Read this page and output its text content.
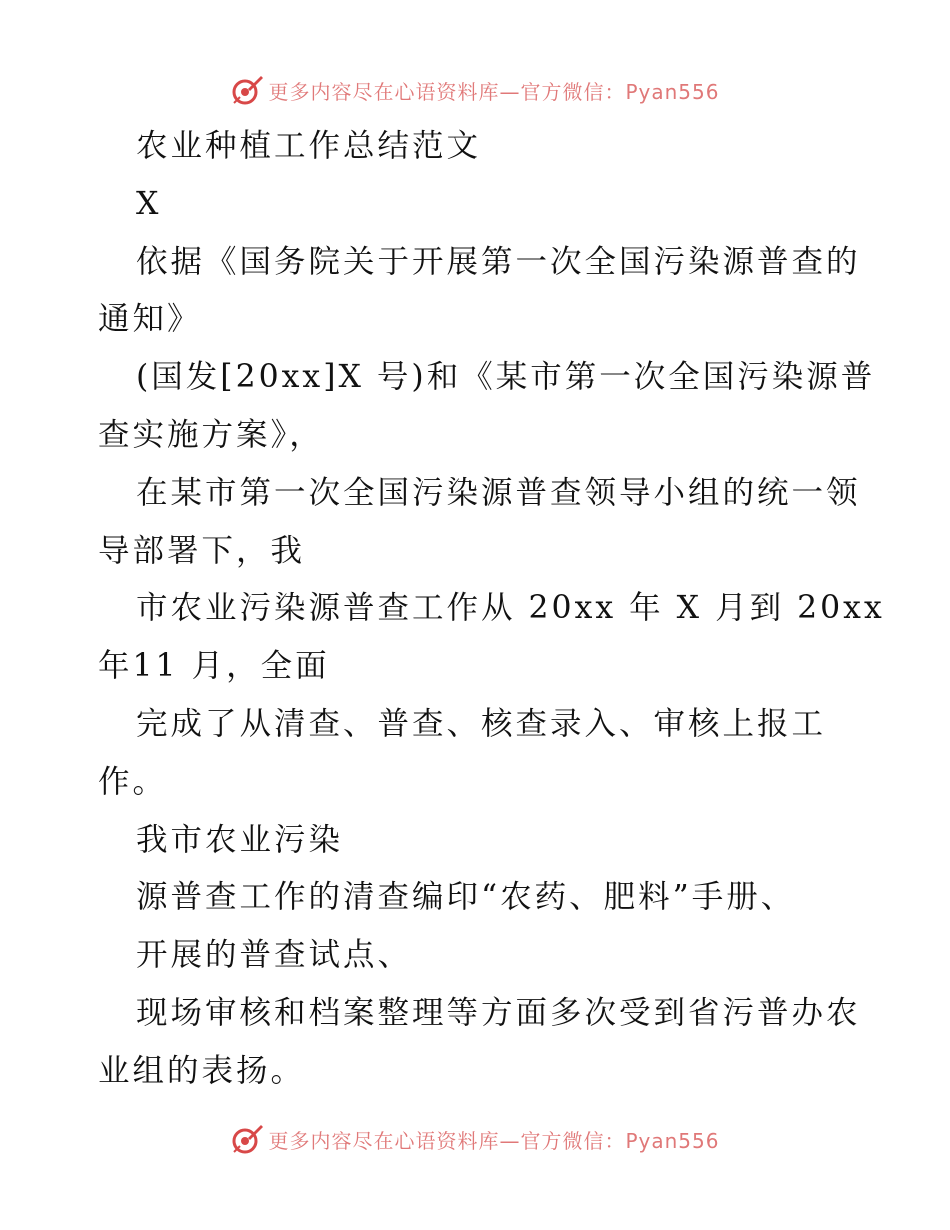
更多内容尽在心语资料库—官方微信：Pyan556
农业种植工作总结范文
X
依据《国务院关于开展第一次全国污染源普查的
通知》
(国发[20xx]X 号)和《某市第一次全国污染源普
查实施方案》，
在某市第一次全国污染源普查领导小组的统一领
导部署下，我
市农业污染源普查工作从 20xx 年 X 月到 20xx
年11 月，全面
完成了从清查、普查、核查录入、审核上报工
作。
我市农业污染
源普查工作的清查编印“农药、肥料”手册、
开展的普查试点、
现场审核和档案整理等方面多次受到省污普办农
业组的表扬。
更多内容尽在心语资料库—官方微信：Pyan556
